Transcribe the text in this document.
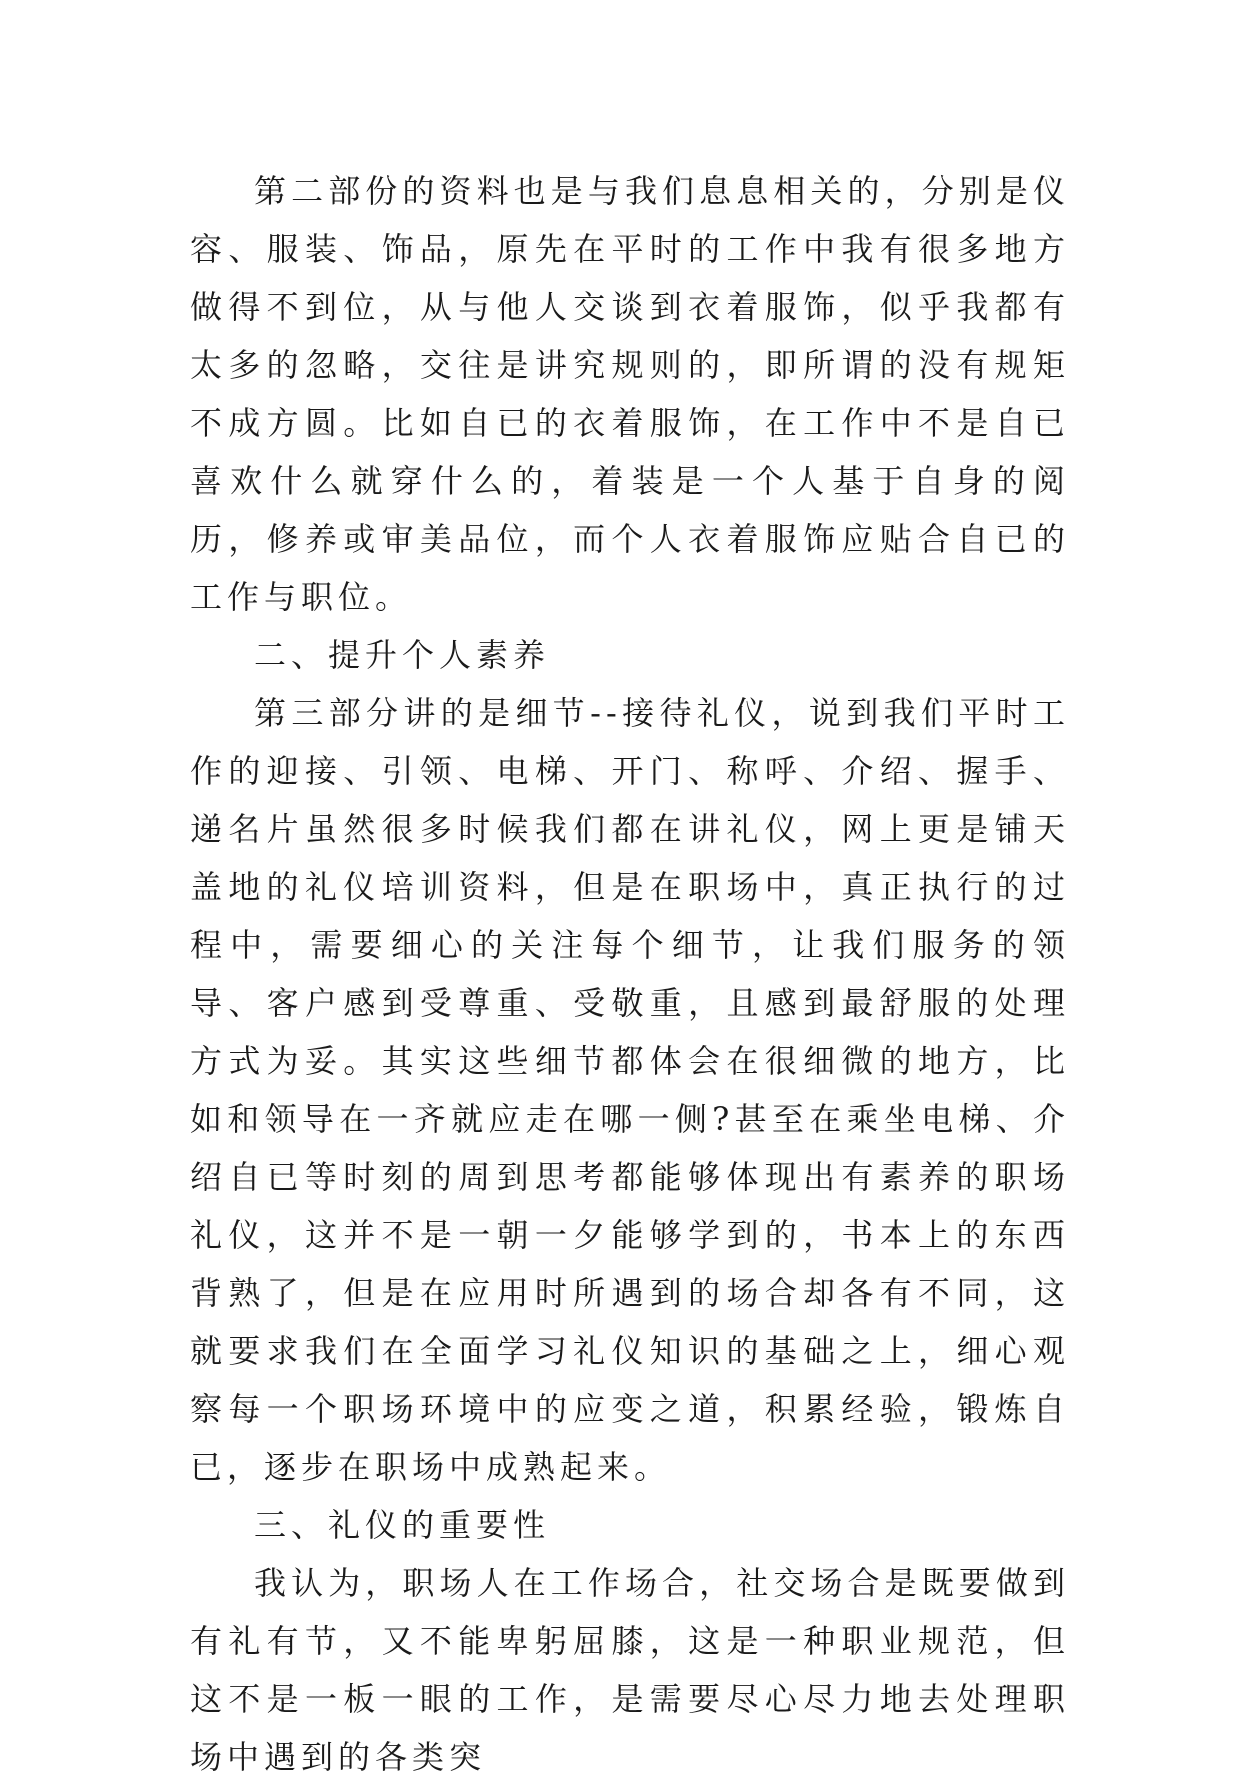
第二部份的资料也是与我们息息相关的，分别是仪容、服装、饰品，原先在平时的工作中我有很多地方做得不到位，从与他人交谈到衣着服饰，似乎我都有太多的忽略，交往是讲究规则的，即所谓的没有规矩不成方圆。比如自已的衣着服饰，在工作中不是自已喜欢什么就穿什么的，着装是一个人基于自身的阅历，修养或审美品位，而个人衣着服饰应贴合自已的工作与职位。

二、提升个人素养

第三部分讲的是细节--接待礼仪，说到我们平时工作的迎接、引领、电梯、开门、称呼、介绍、握手、递名片虽然很多时候我们都在讲礼仪，网上更是铺天盖地的礼仪培训资料，但是在职场中，真正执行的过程中，需要细心的关注每个细节，让我们服务的领导、客户感到受尊重、受敬重，且感到最舒服的处理方式为妥。其实这些细节都体会在很细微的地方，比如和领导在一齐就应走在哪一侧?甚至在乘坐电梯、介绍自已等时刻的周到思考都能够体现出有素养的职场礼仪，这并不是一朝一夕能够学到的，书本上的东西背熟了，但是在应用时所遇到的场合却各有不同，这就要求我们在全面学习礼仪知识的基础之上，细心观察每一个职场环境中的应变之道，积累经验，锻炼自已，逐步在职场中成熟起来。

三、礼仪的重要性

我认为，职场人在工作场合，社交场合是既要做到有礼有节，又不能卑躬屈膝，这是一种职业规范，但这不是一板一眼的工作，是需要尽心尽力地去处理职场中遇到的各类突
